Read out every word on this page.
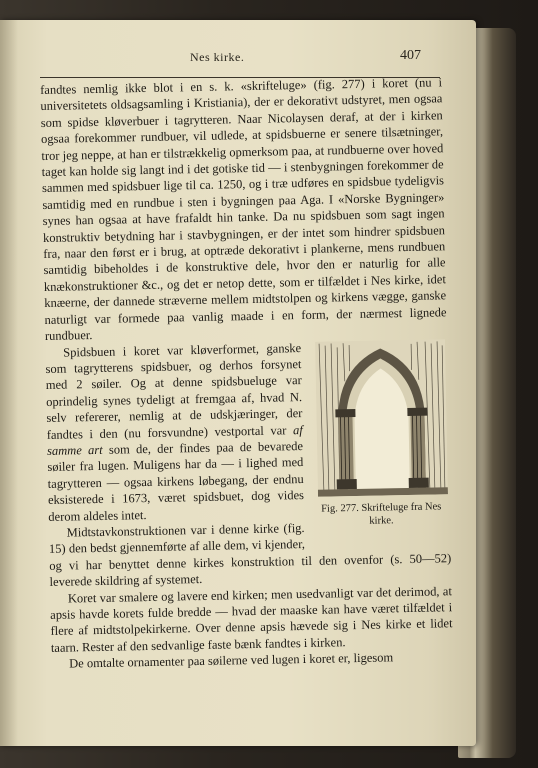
Nes kirke.	407

fandtes nemlig ikke blot i en s. k. «skrifteluge» (fig. 277) i koret (nu i universitetets oldsagsamling i Kristiania), der er dekorativt udstyret, men ogsaa som spidse kløverbuer i tagrytteren. Naar Nicolaysen deraf, at der i kirken ogsaa forekommer rundbuer, vil udlede, at spidsbuerne er senere tilsætninger, tror jeg neppe, at han er tilstrækkelig opmerksom paa, at rundbuerne over hoved taget kan holde sig langt ind i det gotiske tid — i stenbygningen forekommer de sammen med spidsbuer lige til ca. 1250, og i træ udføres en spidsbue tydeligvis samtidig med en rundbue i sten i bygningen paa Aga. I «Norske Bygninger» synes han ogsaa at have frafaldt hin tanke. Da nu spidsbuen som sagt ingen konstruktiv betydning har i stavbygningen, er der intet som hindrer spidsbuen fra, naar den først er i brug, at optræde dekorativt i plankerne, mens rundbuen samtidig bibeholdes i de konstruktive dele, hvor den er naturlig for alle knækonstruktioner &c., og det er netop dette, som er tilfældet i Nes kirke, idet knæerne, der dannede stræverne mellem midtstolpen og kirkens vægge, ganske naturligt var formede paa vanlig maade i en form, der nærmest lignede rundbuer.

Fig. 277. Skrifteluge fra Nes kirke.

Spidsbuen i koret var kløverformet, ganske som tagrytterens spidsbuer, og derhos forsynet med 2 søiler. Og at denne spidsbueluge var oprindelig synes tydeligt at fremgaa af, hvad N. selv refererer, nemlig at de udskjæringer, der fandtes i den (nu forsvundne) vestportal var af samme art som de, der findes paa de bevarede søiler fra lugen. Muligens har da — i lighed med tagrytteren — ogsaa kirkens løbegang, der endnu eksisterede i 1673, været spidsbuet, dog vides derom aldeles intet.

Midtstavkonstruktionen var i denne kirke (fig. 15) den bedst gjennemførte af alle dem, vi kjender, og vi har benyttet denne kirkes konstruktion til den ovenfor (s. 50—52) leverede skildring af systemet.

Koret var smalere og lavere end kirken; men usedvanligt var det derimod, at apsis havde korets fulde bredde — hvad der maaske kan have været tilfældet i flere af midtstolpekirkerne. Over denne apsis hævede sig i Nes kirke et lidet taarn. Rester af den sedvanlige faste bænk fandtes i kirken.

De omtalte ornamenter paa søilerne ved lugen i koret er, ligesom
